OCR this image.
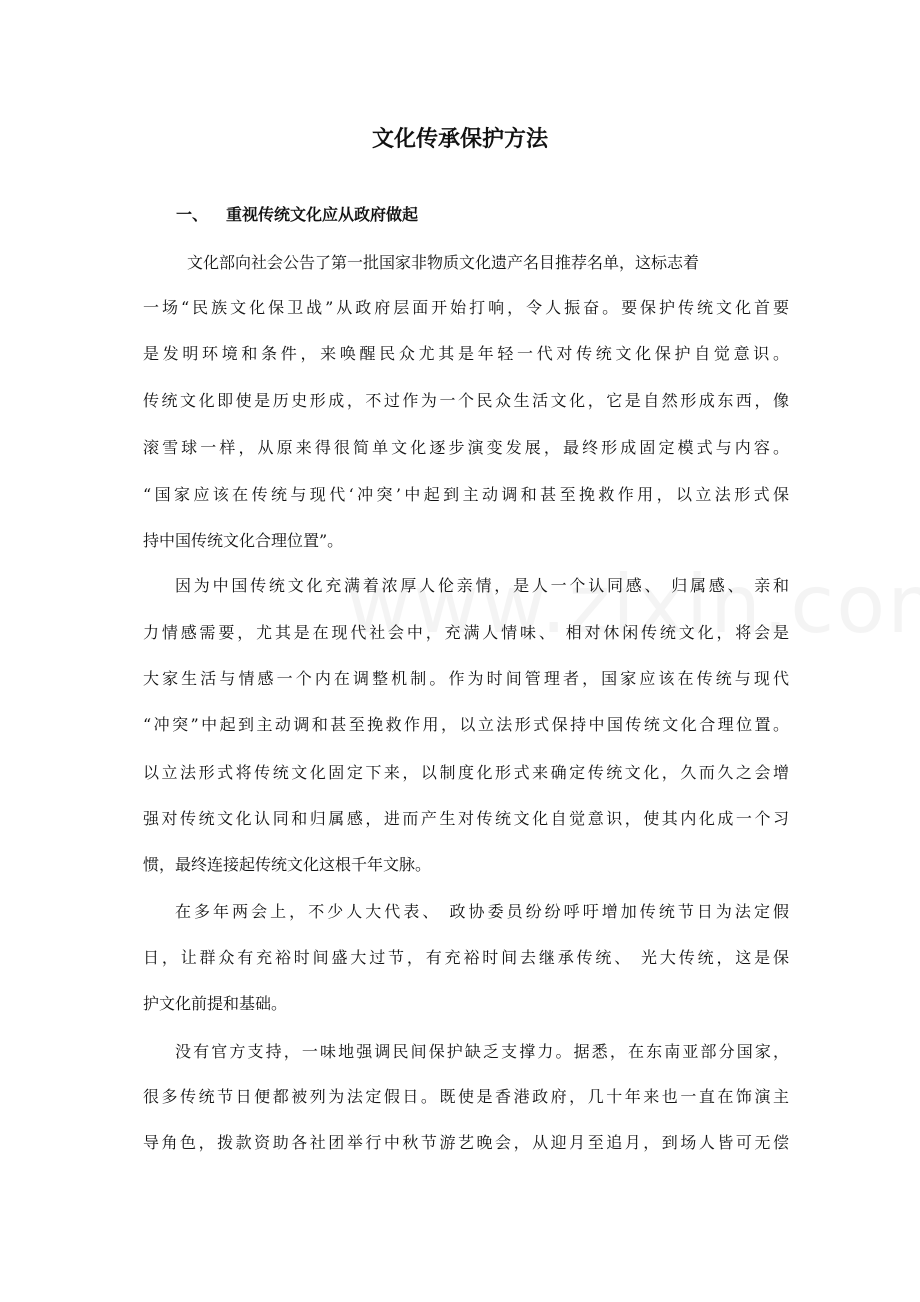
文化传承保护方法
一、 重视传统文化应从政府做起

文化部向社会公告了第一批国家非物质文化遗产名目推荐名单，这标志着

一场“民族文化保卫战”从政府层面开始打响，令人振奋。要保护传统文化首要

是发明环境和条件，来唤醒民众尤其是年轻一代对传统文化保护自觉意识。

传统文化即使是历史形成，不过作为一个民众生活文化，它是自然形成东西，像

滚雪球一样，从原来得很简单文化逐步演变发展，最终形成固定模式与内容。

“国家应该在传统与现代‘冲突’中起到主动调和甚至挽救作用，以立法形式保

持中国传统文化合理位置”。

因为中国传统文化充满着浓厚人伦亲情，是人一个认同感、 归属感、 亲和

力情感需要，尤其是在现代社会中，充满人情味、 相对休闲传统文化，将会是

大家生活与情感一个内在调整机制。作为时间管理者，国家应该在传统与现代

“冲突”中起到主动调和甚至挽救作用，以立法形式保持中国传统文化合理位置。

以立法形式将传统文化固定下来，以制度化形式来确定传统文化，久而久之会增

强对传统文化认同和归属感，进而产生对传统文化自觉意识，使其内化成一个习

惯，最终连接起传统文化这根千年文脉。

在多年两会上，不少人大代表、 政协委员纷纷呼吁增加传统节日为法定假

日，让群众有充裕时间盛大过节，有充裕时间去继承传统、 光大传统，这是保

护文化前提和基础。

没有官方支持，一味地强调民间保护缺乏支撑力。据悉，在东南亚部分国家，

很多传统节日便都被列为法定假日。既使是香港政府，几十年来也一直在饰演主

导角色，拨款资助各社团举行中秋节游艺晚会，从迎月至追月，到场人皆可无偿
